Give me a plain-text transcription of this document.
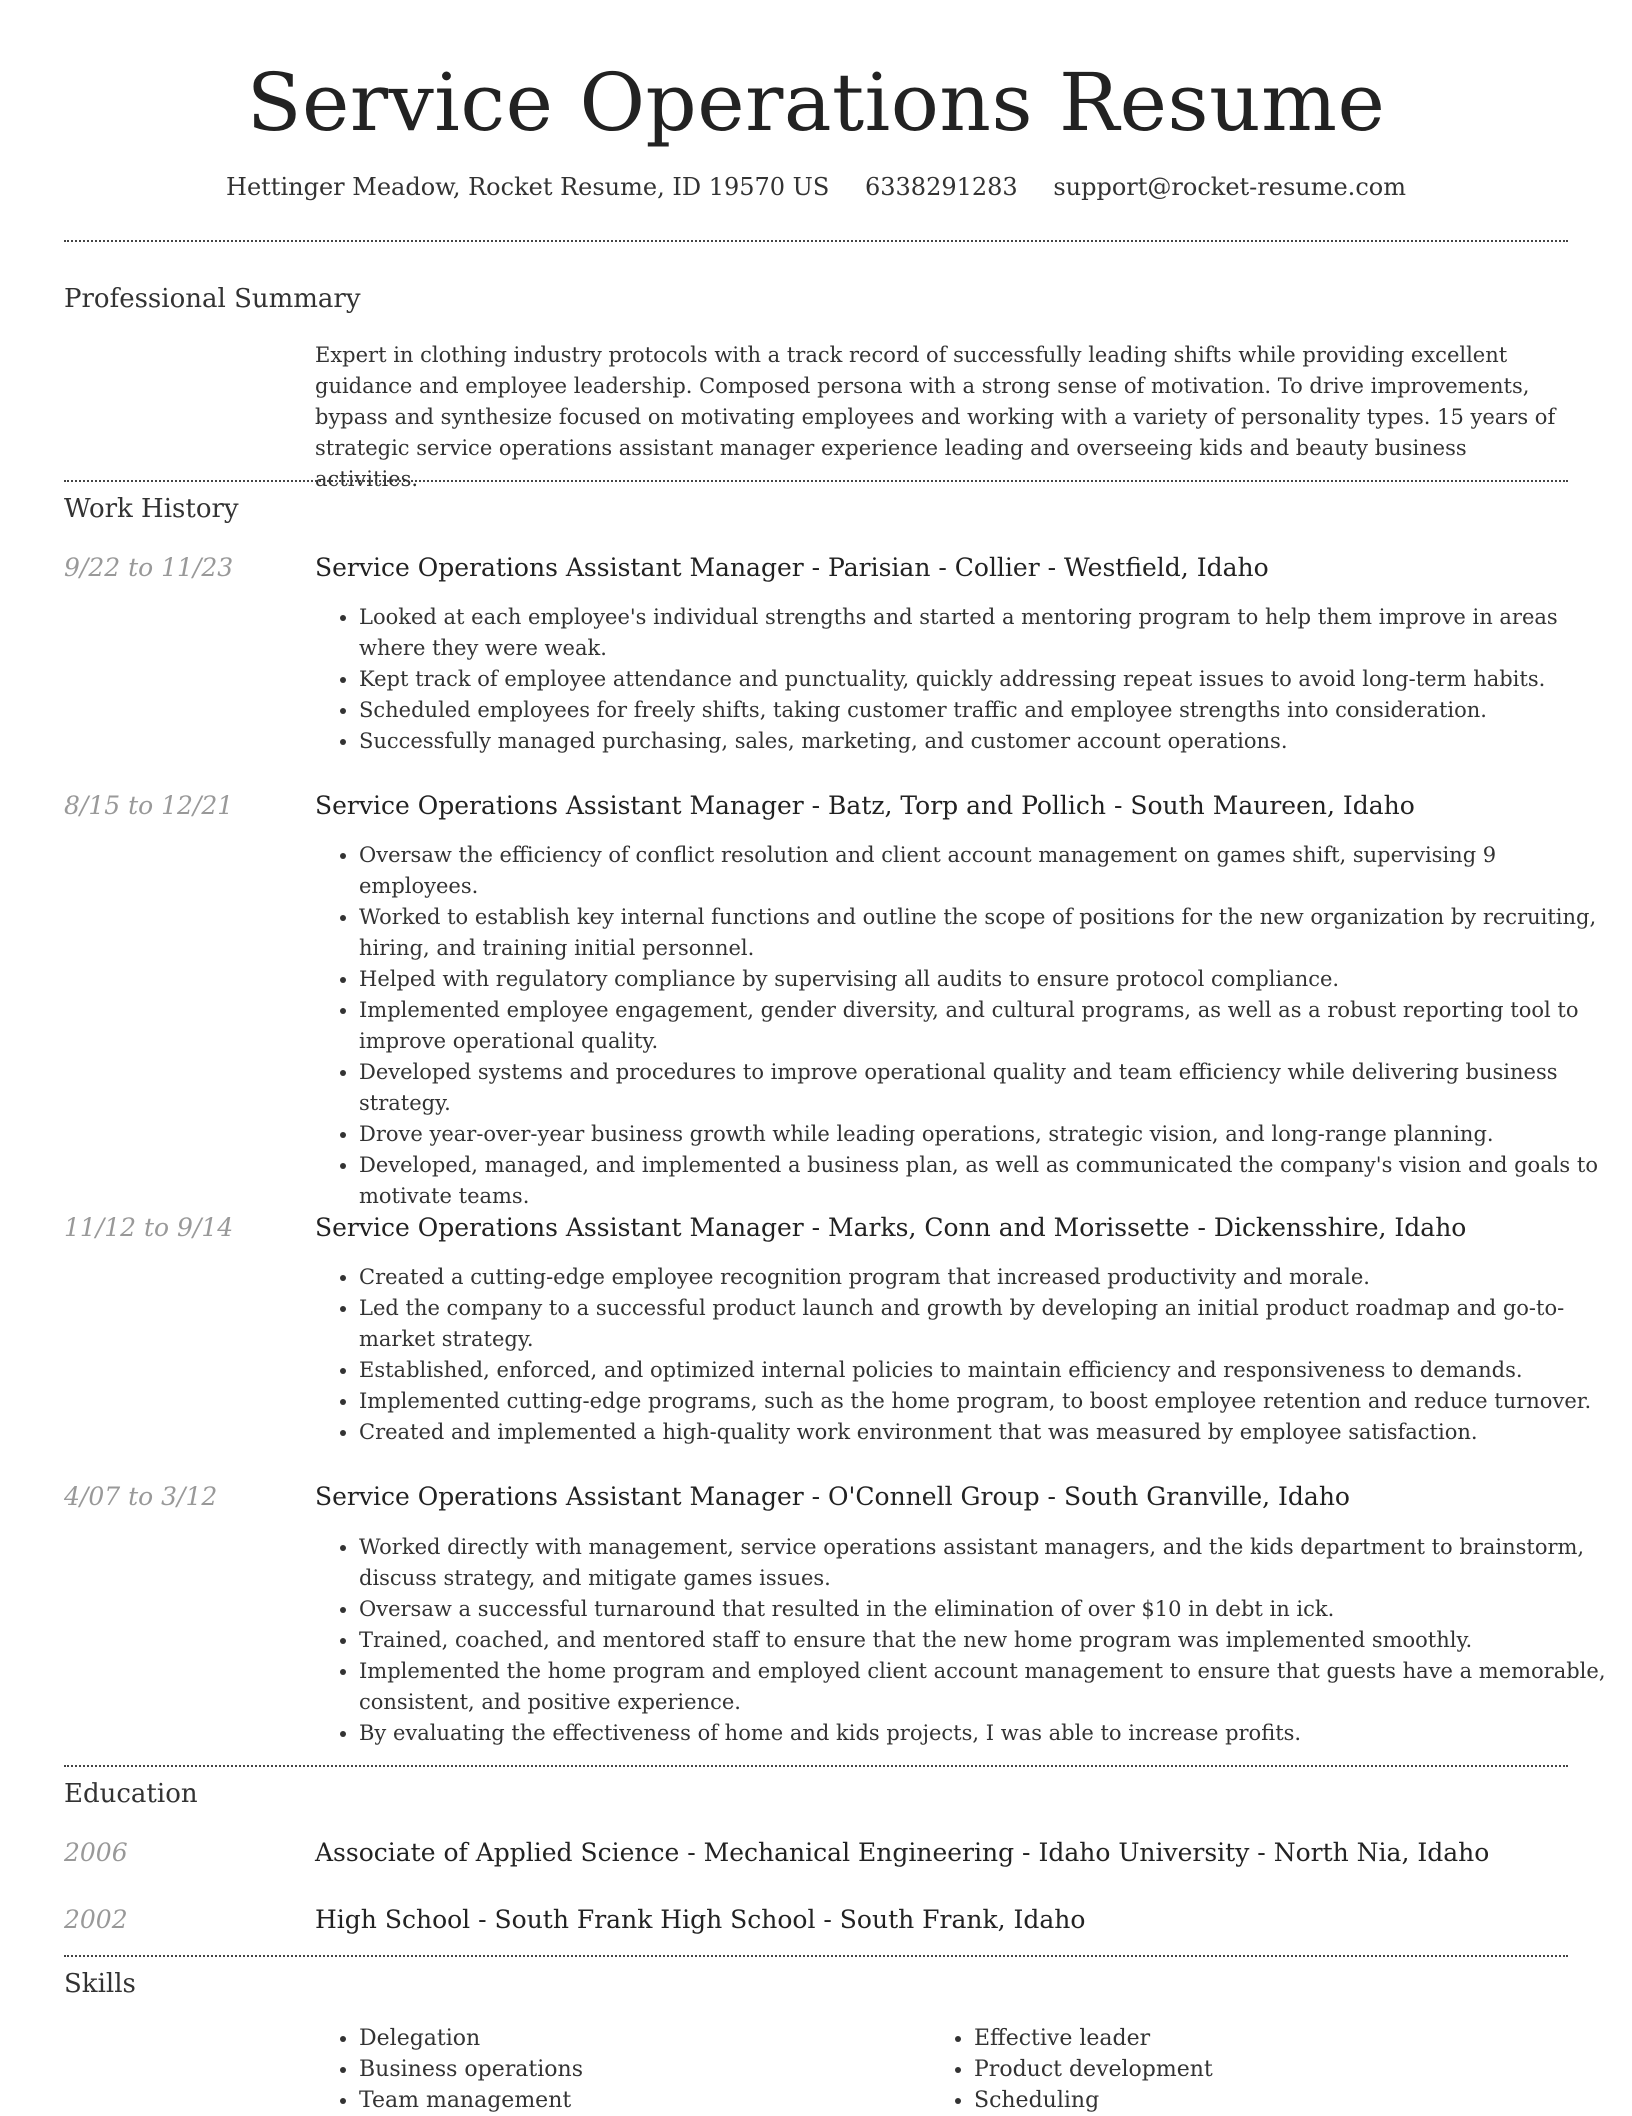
Service Operations Resume
Hettinger Meadow, Rocket Resume, ID 19570 US 6338291283 support@rocket-resume.com
Professional Summary

Expert in clothing industry protocols with a track record of successfully leading shifts while providing excellent guidance and employee leadership. Composed persona with a strong sense of motivation. To drive improvements, bypass and synthesize focused on motivating employees and working with a variety of personality types. 15 years of strategic service operations assistant manager experience leading and overseeing kids and beauty business activities.

Work History
9/22 to 11/23	Service Operations Assistant Manager - Parisian - Collier - Westfield, Idaho
• Looked at each employee's individual strengths and started a mentoring program to help them improve in areas where they were weak.
• Kept track of employee attendance and punctuality, quickly addressing repeat issues to avoid long-term habits.
• Scheduled employees for freely shifts, taking customer traffic and employee strengths into consideration.
• Successfully managed purchasing, sales, marketing, and customer account operations.
8/15 to 12/21	Service Operations Assistant Manager - Batz, Torp and Pollich - South Maureen, Idaho
• Oversaw the efficiency of conflict resolution and client account management on games shift, supervising 9 employees.
• Worked to establish key internal functions and outline the scope of positions for the new organization by recruiting, hiring, and training initial personnel.
• Helped with regulatory compliance by supervising all audits to ensure protocol compliance.
• Implemented employee engagement, gender diversity, and cultural programs, as well as a robust reporting tool to improve operational quality.
• Developed systems and procedures to improve operational quality and team efficiency while delivering business strategy.
• Drove year-over-year business growth while leading operations, strategic vision, and long-range planning.
• Developed, managed, and implemented a business plan, as well as communicated the company's vision and goals to motivate teams.
11/12 to 9/14	Service Operations Assistant Manager - Marks, Conn and Morissette - Dickensshire, Idaho
• Created a cutting-edge employee recognition program that increased productivity and morale.
• Led the company to a successful product launch and growth by developing an initial product roadmap and go-to-market strategy.
• Established, enforced, and optimized internal policies to maintain efficiency and responsiveness to demands.
• Implemented cutting-edge programs, such as the home program, to boost employee retention and reduce turnover.
• Created and implemented a high-quality work environment that was measured by employee satisfaction.
4/07 to 3/12	Service Operations Assistant Manager - O'Connell Group - South Granville, Idaho
• Worked directly with management, service operations assistant managers, and the kids department to brainstorm, discuss strategy, and mitigate games issues.
• Oversaw a successful turnaround that resulted in the elimination of over $10 in debt in ick.
• Trained, coached, and mentored staff to ensure that the new home program was implemented smoothly.
• Implemented the home program and employed client account management to ensure that guests have a memorable, consistent, and positive experience.
• By evaluating the effectiveness of home and kids projects, I was able to increase profits.
Education
2006	Associate of Applied Science - Mechanical Engineering - Idaho University - North Nia, Idaho
2002	High School - South Frank High School - South Frank, Idaho
Skills
• Delegation
• Business operations
• Team management
• Effective leader
• Product development
• Scheduling
